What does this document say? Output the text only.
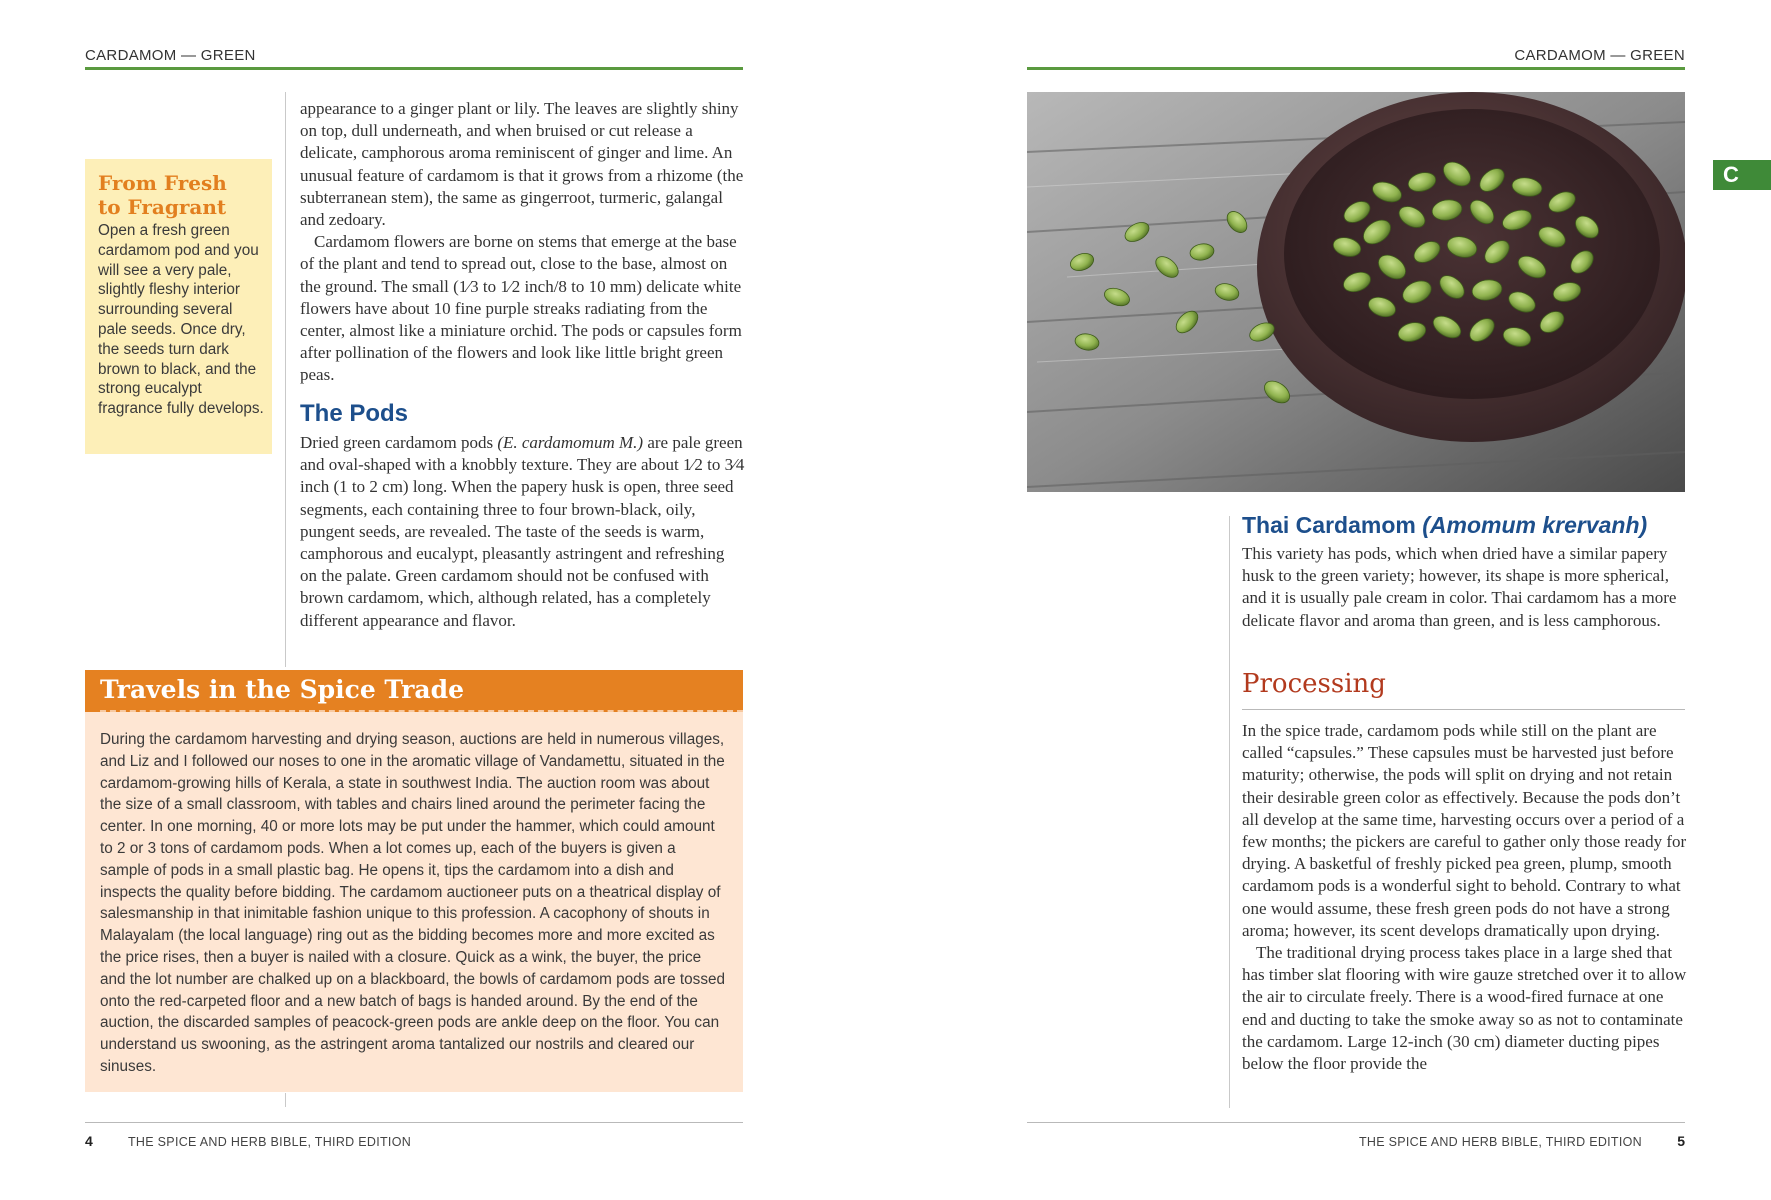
CARDAMOM — GREEN
From Fresh
to Fragrant
Open a fresh green cardamom pod and you will see a very pale, slightly fleshy interior surrounding several pale seeds. Once dry, the seeds turn dark brown to black, and the strong eucalypt fragrance fully develops.

appearance to a ginger plant or lily. The leaves are slightly shiny on top, dull underneath, and when bruised or cut release a delicate, camphorous aroma reminiscent of ginger and lime. An unusual feature of cardamom is that it grows from a rhizome (the subterranean stem), the same as gingerroot, turmeric, galangal and zedoary.

Cardamom flowers are borne on stems that emerge at the base of the plant and tend to spread out, close to the base, almost on the ground. The small (1⁄3 to 1⁄2 inch/8 to 10 mm) delicate white flowers have about 10 fine purple streaks radiating from the center, almost like a miniature orchid. The pods or capsules form after pollination of the flowers and look like little bright green peas.

The Pods
Dried green cardamom pods (E. cardamomum M.) are pale green and oval-shaped with a knobbly texture. They are about 1⁄2 to 3⁄4 inch (1 to 2 cm) long. When the papery husk is open, three seed segments, each containing three to four brown-black, oily, pungent seeds, are revealed. The taste of the seeds is warm, camphorous and eucalypt, pleasantly astringent and refreshing on the palate. Green cardamom should not be confused with brown cardamom, which, although related, has a completely different appearance and flavor.
Travels in the Spice Trade
During the cardamom harvesting and drying season, auctions are held in numerous villages, and Liz and I followed our noses to one in the aromatic village of Vandamettu, situated in the cardamom-growing hills of Kerala, a state in southwest India. The auction room was about the size of a small classroom, with tables and chairs lined around the perimeter facing the center. In one morning, 40 or more lots may be put under the hammer, which could amount to 2 or 3 tons of cardamom pods. When a lot comes up, each of the buyers is given a sample of pods in a small plastic bag. He opens it, tips the cardamom into a dish and inspects the quality before bidding. The cardamom auctioneer puts on a theatrical display of salesmanship in that inimitable fashion unique to this profession. A cacophony of shouts in Malayalam (the local language) ring out as the bidding becomes more and more excited as the price rises, then a buyer is nailed with a closure. Quick as a wink, the buyer, the price and the lot number are chalked up on a blackboard, the bowls of cardamom pods are tossed onto the red-carpeted floor and a new batch of bags is handed around. By the end of the auction, the discarded samples of peacock-green pods are ankle deep on the floor. You can understand us swooning, as the astringent aroma tantalized our nostrils and cleared our sinuses.
4	THE SPICE AND HERB BIBLE, THIRD EDITION
CARDAMOM — GREEN
C
Thai Cardamom (Amomum krervanh)
This variety has pods, which when dried have a similar papery husk to the green variety; however, its shape is more spherical, and it is usually pale cream in color. Thai cardamom has a more delicate flavor and aroma than green, and is less camphorous.
Processing

In the spice trade, cardamom pods while still on the plant are called “capsules.” These capsules must be harvested just before maturity; otherwise, the pods will split on drying and not retain their desirable green color as effectively. Because the pods don’t all develop at the same time, harvesting occurs over a period of a few months; the pickers are careful to gather only those ready for drying. A basketful of freshly picked pea green, plump, smooth cardamom pods is a wonderful sight to behold. Contrary to what one would assume, these fresh green pods do not have a strong aroma; however, its scent develops dramatically upon drying.

The traditional drying process takes place in a large shed that has timber slat flooring with wire gauze stretched over it to allow the air to circulate freely. There is a wood-fired furnace at one end and ducting to take the smoke away so as not to contaminate the cardamom. Large 12-inch (30 cm) diameter ducting pipes below the floor provide the

THE SPICE AND HERB BIBLE, THIRD EDITION	5
